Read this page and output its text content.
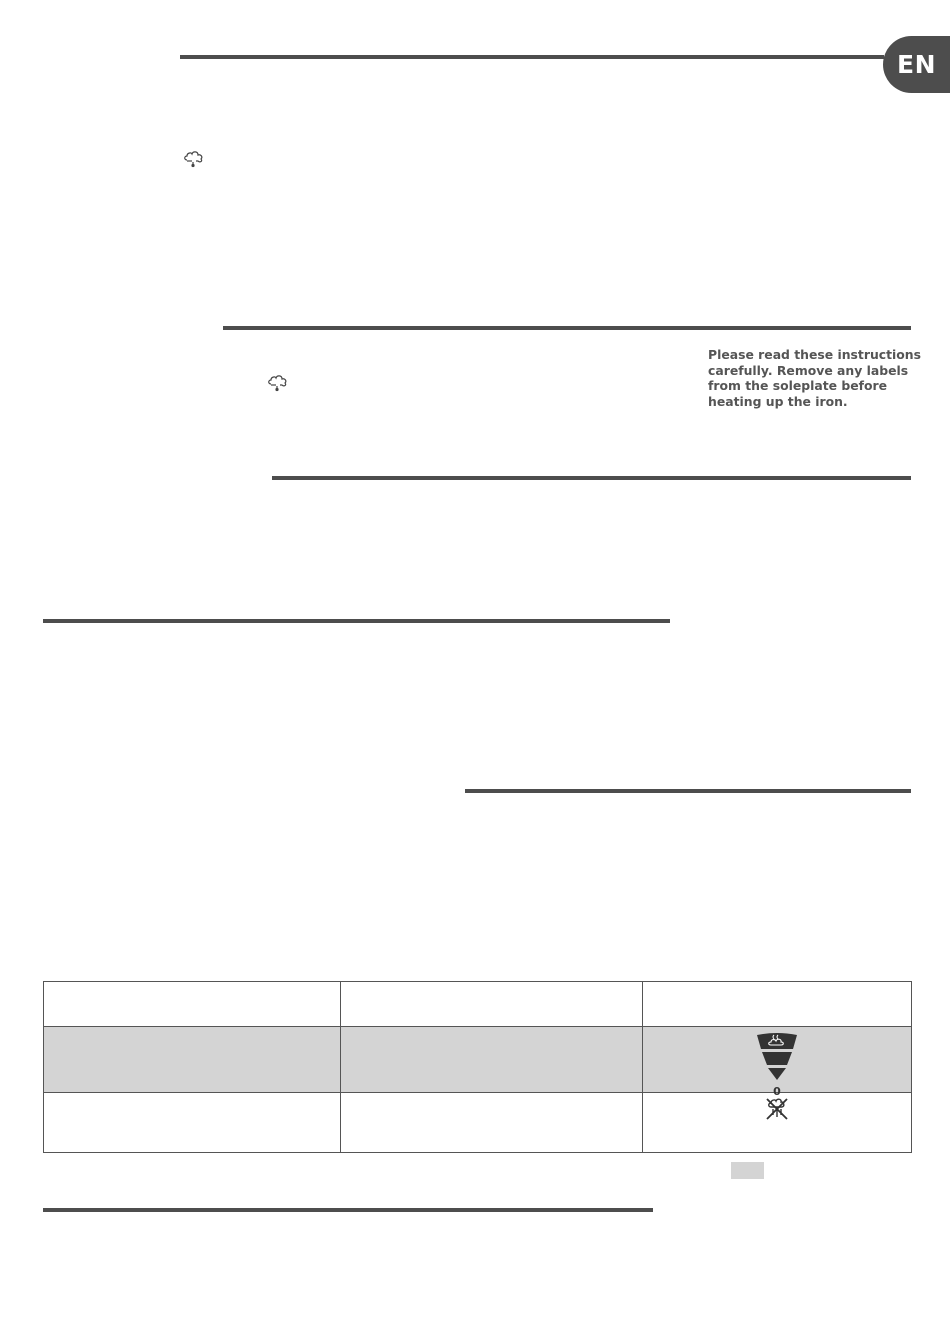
EN
Please read these instructions
carefully. Remove any labels
from the soleplate before
heating up the iron.

		0
